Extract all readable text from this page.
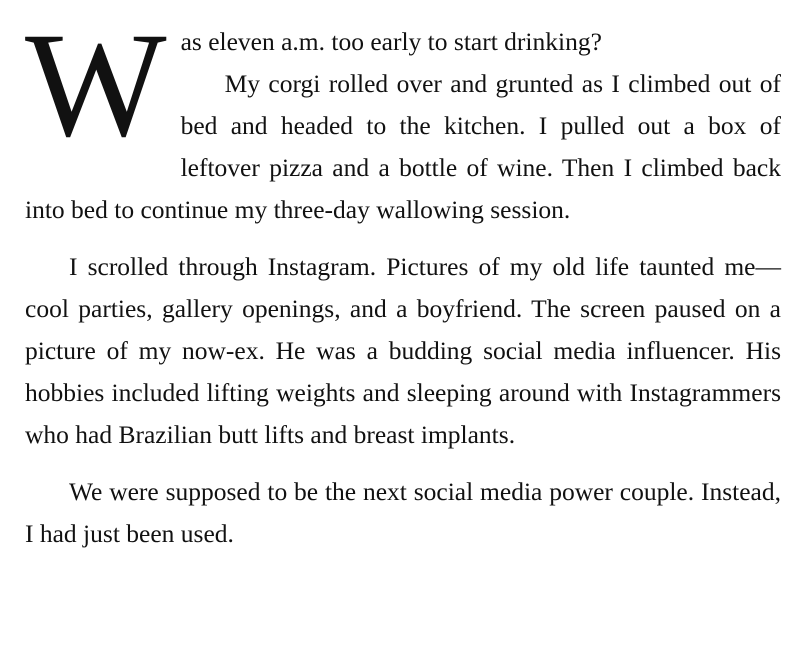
W as eleven a.m. too early to start drinking?

My corgi rolled over and grunted as I climbed out of bed and headed to the kitchen. I pulled out a box of leftover pizza and a bottle of wine. Then I climbed back into bed to continue my three-day wallowing session.

I scrolled through Instagram. Pictures of my old life taunted me—cool parties, gallery openings, and a boyfriend. The screen paused on a picture of my now-ex. He was a budding social media influencer. His hobbies included lifting weights and sleeping around with Instagrammers who had Brazilian butt lifts and breast implants.

We were supposed to be the next social media power couple. Instead, I had just been used.
